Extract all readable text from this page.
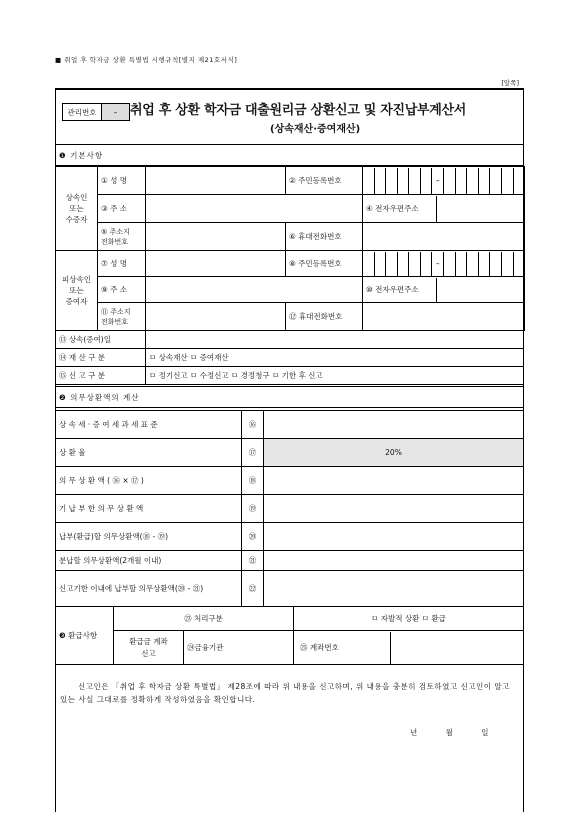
■ 취업 후 학자금 상환 특별법 시행규칙[별지 제21호서식]
[앞쪽]
관리번호	– 취업 후 상환 학자금 대출원리금 상환신고 및 자진납부계산서
(상속재산·증여재산)
❶ 기본사항
상속인
또는
수증자	① 성 명		② 주민등록번호	–

	③ 주 소			④ 전자우편주소

	⑤ 주소지
전화번호		⑥ 휴대전화번호	
피상속인
또는
증여자	⑦ 성 명		⑧ 주민등록번호	–

	⑨ 주 소			⑩ 전자우편주소

	⑪ 주소지
전화번호		⑫ 휴대전화번호	
⑬ 상속(증여)일	
⑭ 재 산 구 분	ㅁ 상속재산 ㅁ 증여재산
⑮ 신 고 구 분	ㅁ 정기신고 ㅁ 수정신고 ㅁ 경정청구 ㅁ 기한 후 신고
❷ 의무상환액의 계산
상 속 세 · 증 여 세 과 세 표 준	⑯	
상 환 율	⑰	20%
의 무 상 환 액 ( ⑯ × ⑰ )	⑱	
기 납 부 한 의 무 상 환 액	⑲	
납부(환급)할 의무상환액(⑱ - ⑲)	⑳	
분납할 의무상환액(2개월 이내)	㉑	
신고기한 이내에 납부할 의무상환액(⑳ - ㉑)	㉒	
❸ 환급사항	㉓ 처리구분		ㅁ 자발적 상환 ㅁ 환급
	환급금 계좌
신고	㉔금융기관	㉕ 계좌번호
신고인은 「취업 후 학자금 상환 특별법」 제28조에 따라 위 내용을 신고하며, 위 내용을 충분히 검토하였고 신고인이 알고 있는 사실 그대로를 정확하게 작성하였음을 확인합니다.
년	월	일
